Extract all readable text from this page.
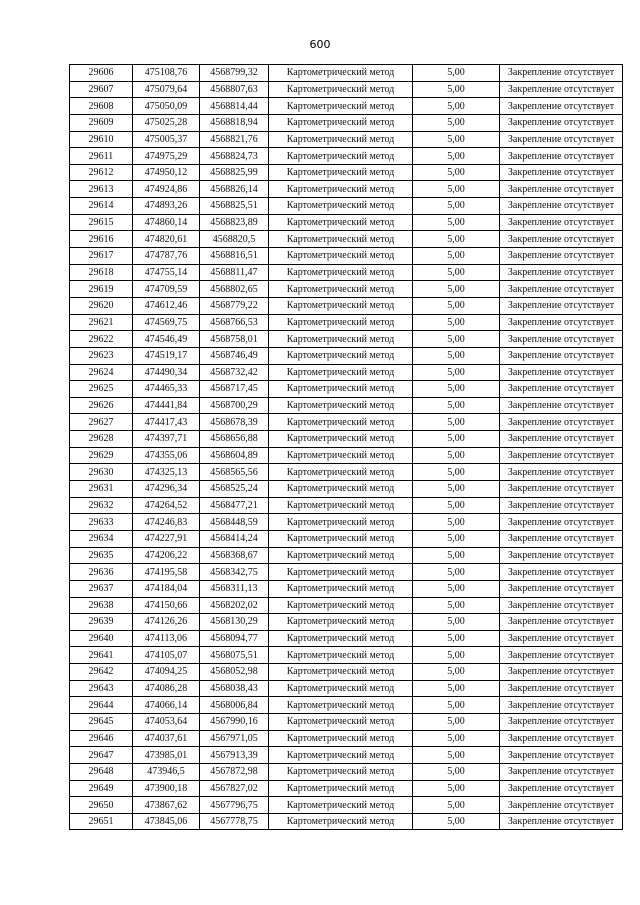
600
29606	475108,76	4568799,32	Картометрический метод	5,00	Закрепление отсутствует
29607	475079,64	4568807,63	Картометрический метод	5,00	Закрепление отсутствует
29608	475050,09	4568814,44	Картометрический метод	5,00	Закрепление отсутствует
29609	475025,28	4568818,94	Картометрический метод	5,00	Закрепление отсутствует
29610	475005,37	4568821,76	Картометрический метод	5,00	Закрепление отсутствует
29611	474975,29	4568824,73	Картометрический метод	5,00	Закрепление отсутствует
29612	474950,12	4568825,99	Картометрический метод	5,00	Закрепление отсутствует
29613	474924,86	4568826,14	Картометрический метод	5,00	Закрепление отсутствует
29614	474893,26	4568825,51	Картометрический метод	5,00	Закрепление отсутствует
29615	474860,14	4568823,89	Картометрический метод	5,00	Закрепление отсутствует
29616	474820,61	4568820,5	Картометрический метод	5,00	Закрепление отсутствует
29617	474787,76	4568816,51	Картометрический метод	5,00	Закрепление отсутствует
29618	474755,14	4568811,47	Картометрический метод	5,00	Закрепление отсутствует
29619	474709,59	4568802,65	Картометрический метод	5,00	Закрепление отсутствует
29620	474612,46	4568779,22	Картометрический метод	5,00	Закрепление отсутствует
29621	474569,75	4568766,53	Картометрический метод	5,00	Закрепление отсутствует
29622	474546,49	4568758,01	Картометрический метод	5,00	Закрепление отсутствует
29623	474519,17	4568746,49	Картометрический метод	5,00	Закрепление отсутствует
29624	474490,34	4568732,42	Картометрический метод	5,00	Закрепление отсутствует
29625	474465,33	4568717,45	Картометрический метод	5,00	Закрепление отсутствует
29626	474441,84	4568700,29	Картометрический метод	5,00	Закрепление отсутствует
29627	474417,43	4568678,39	Картометрический метод	5,00	Закрепление отсутствует
29628	474397,71	4568656,88	Картометрический метод	5,00	Закрепление отсутствует
29629	474355,06	4568604,89	Картометрический метод	5,00	Закрепление отсутствует
29630	474325,13	4568565,56	Картометрический метод	5,00	Закрепление отсутствует
29631	474296,34	4568525,24	Картометрический метод	5,00	Закрепление отсутствует
29632	474264,52	4568477,21	Картометрический метод	5,00	Закрепление отсутствует
29633	474246,83	4568448,59	Картометрический метод	5,00	Закрепление отсутствует
29634	474227,91	4568414,24	Картометрический метод	5,00	Закрепление отсутствует
29635	474206,22	4568368,67	Картометрический метод	5,00	Закрепление отсутствует
29636	474195,58	4568342,75	Картометрический метод	5,00	Закрепление отсутствует
29637	474184,04	4568311,13	Картометрический метод	5,00	Закрепление отсутствует
29638	474150,66	4568202,02	Картометрический метод	5,00	Закрепление отсутствует
29639	474126,26	4568130,29	Картометрический метод	5,00	Закрепление отсутствует
29640	474113,06	4568094,77	Картометрический метод	5,00	Закрепление отсутствует
29641	474105,07	4568075,51	Картометрический метод	5,00	Закрепление отсутствует
29642	474094,25	4568052,98	Картометрический метод	5,00	Закрепление отсутствует
29643	474086,28	4568038,43	Картометрический метод	5,00	Закрепление отсутствует
29644	474066,14	4568006,84	Картометрический метод	5,00	Закрепление отсутствует
29645	474053,64	4567990,16	Картометрический метод	5,00	Закрепление отсутствует
29646	474037,61	4567971,05	Картометрический метод	5,00	Закрепление отсутствует
29647	473985,01	4567913,39	Картометрический метод	5,00	Закрепление отсутствует
29648	473946,5	4567872,98	Картометрический метод	5,00	Закрепление отсутствует
29649	473900,18	4567827,02	Картометрический метод	5,00	Закрепление отсутствует
29650	473867,62	4567796,75	Картометрический метод	5,00	Закрепление отсутствует
29651	473845,06	4567778,75	Картометрический метод	5,00	Закрепление отсутствует
